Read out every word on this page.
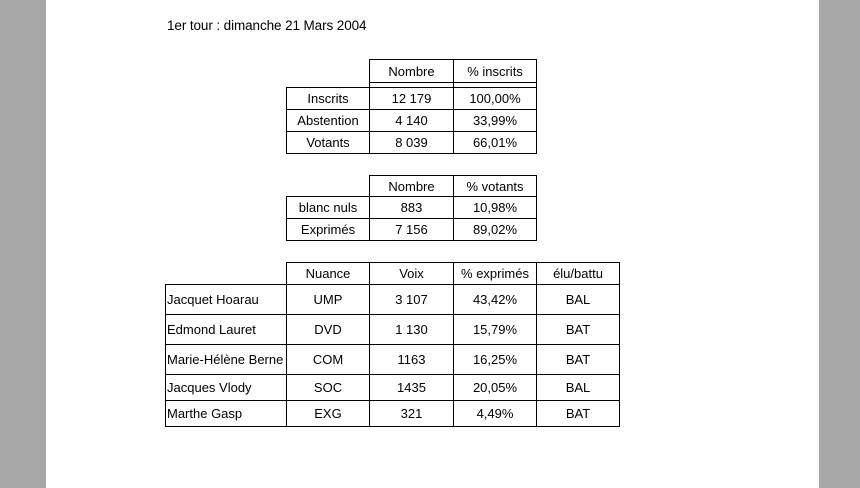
1er tour : dimanche 21 Mars 2004
	Nombre	% inscrits

Inscrits	12 179	100,00%
Abstention	4 140	33,99%
Votants	8 039	66,01%
	Nombre	% votants
blanc nuls	883	10,98%
Exprimés	7 156	89,02%
	Nuance	Voix	% exprimés	élu/battu
Jacquet Hoarau	UMP	3 107	43,42%	BAL
Edmond Lauret	DVD	1 130	15,79%	BAT
Marie-Hélène Berne	COM	1163	16,25%	BAT
Jacques Vlody	SOC	1435	20,05%	BAL
Marthe Gasp	EXG	321	4,49%	BAT
